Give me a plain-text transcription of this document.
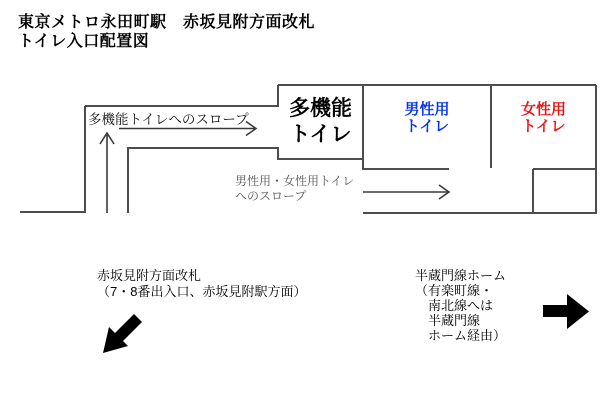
東京メトロ永田町駅　赤坂見附方面改札
トイレ入口配置図
多機能トイレへのスロープ	多機能
トイレ
男性用
トイレ
女性用
トイレ
男性用・女性用トイレ
へのスロープ
赤坂見附方面改札
（7・8番出入口、赤坂見附駅方面）
半蔵門線ホーム
（有楽町線・
南北線へは
半蔵門線
ホーム経由）
